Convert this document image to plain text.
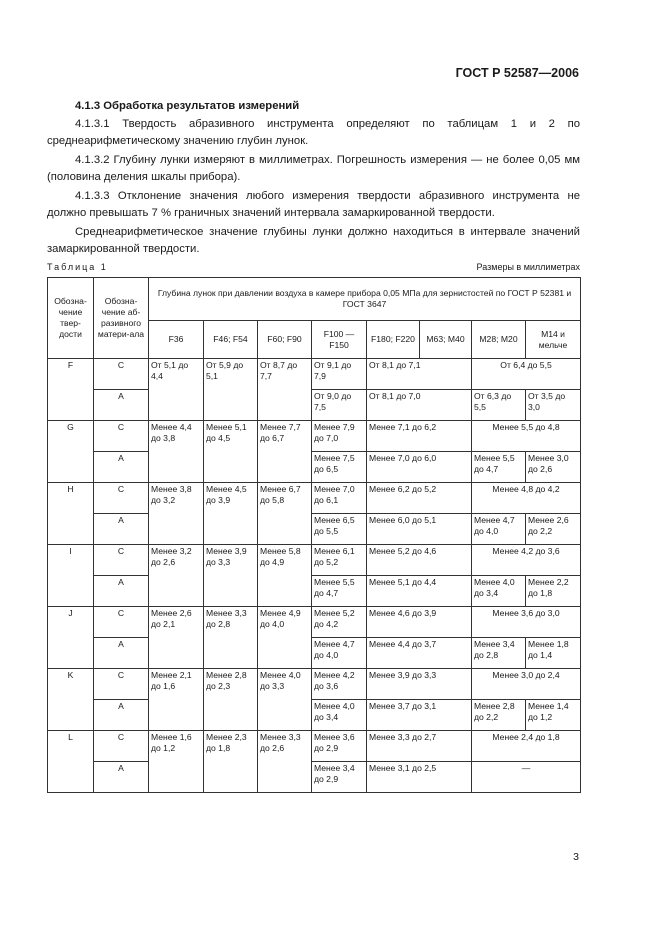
ГОСТ Р 52587—2006
4.1.3 Обработка результатов измерений

4.1.3.1 Твердость абразивного инструмента определяют по таблицам 1 и 2 по среднеарифметическому значению глубин лунок.

4.1.3.2 Глубину лунки измеряют в миллиметрах. Погрешность измерения — не более 0,05 мм (половина деления шкалы прибора).

4.1.3.3 Отклонение значения любого измерения твердости абразивного инструмента не должно превышать 7 % граничных значений интервала замаркированной твердости.

Среднеарифметическое значение глубины лунки должно находиться в интервале значений замаркированной твердости.

Таблица 1	Размеры в миллиметрах
Обозна-чение твер-дости	Обозна-чение аб-разивного матери-ала	Глубина лунок при давлении воздуха в камере прибора 0,05 МПа для зернистостей по ГОСТ Р 52381 и ГОСТ 3647							
		F36	F46; F54	F60; F90	F100 — F150	F180; F220	M63; M40	M28; M20	M14 и мельче
F	C	От 5,1 до 4,4	От 5,9 до 5,1	От 8,7 до 7,7	От 9,1 до 7,9	От 8,1 до 7,1		От 6,4 до 5,5	
	A				От 9,0 до 7,5	От 8,1 до 7,0		От 6,3 до 5,5	От 3,5 до 3,0
G	C	Менее 4,4 до 3,8	Менее 5,1 до 4,5	Менее 7,7 до 6,7	Менее 7,9 до 7,0	Менее 7,1 до 6,2		Менее 5,5 до 4,8	
	A				Менее 7,5 до 6,5	Менее 7,0 до 6,0		Менее 5,5 до 4,7	Менее 3,0 до 2,6
H	C	Менее 3,8 до 3,2	Менее 4,5 до 3,9	Менее 6,7 до 5,8	Менее 7,0 до 6,1	Менее 6,2 до 5,2		Менее 4,8 до 4,2	
	A				Менее 6,5 до 5,5	Менее 6,0 до 5,1		Менее 4,7 до 4,0	Менее 2,6 до 2,2
I	C	Менее 3,2 до 2,6	Менее 3,9 до 3,3	Менее 5,8 до 4,9	Менее 6,1 до 5,2	Менее 5,2 до 4,6		Менее 4,2 до 3,6	
	A				Менее 5,5 до 4,7	Менее 5,1 до 4,4		Менее 4,0 до 3,4	Менее 2,2 до 1,8
J	C	Менее 2,6 до 2,1	Менее 3,3 до 2,8	Менее 4,9 до 4,0	Менее 5,2 до 4,2	Менее 4,6 до 3,9		Менее 3,6 до 3,0	
	A				Менее 4,7 до 4,0	Менее 4,4 до 3,7		Менее 3,4 до 2,8	Менее 1,8 до 1,4
K	C	Менее 2,1 до 1,6	Менее 2,8 до 2,3	Менее 4,0 до 3,3	Менее 4,2 до 3,6	Менее 3,9 до 3,3		Менее 3,0 до 2,4	
	A				Менее 4,0 до 3,4	Менее 3,7 до 3,1		Менее 2,8 до 2,2	Менее 1,4 до 1,2
L	C	Менее 1,6 до 1,2	Менее 2,3 до 1,8	Менее 3,3 до 2,6	Менее 3,6 до 2,9	Менее 3,3 до 2,7		Менее 2,4 до 1,8	
	A				Менее 3,4 до 2,9	Менее 3,1 до 2,5		—	
3
